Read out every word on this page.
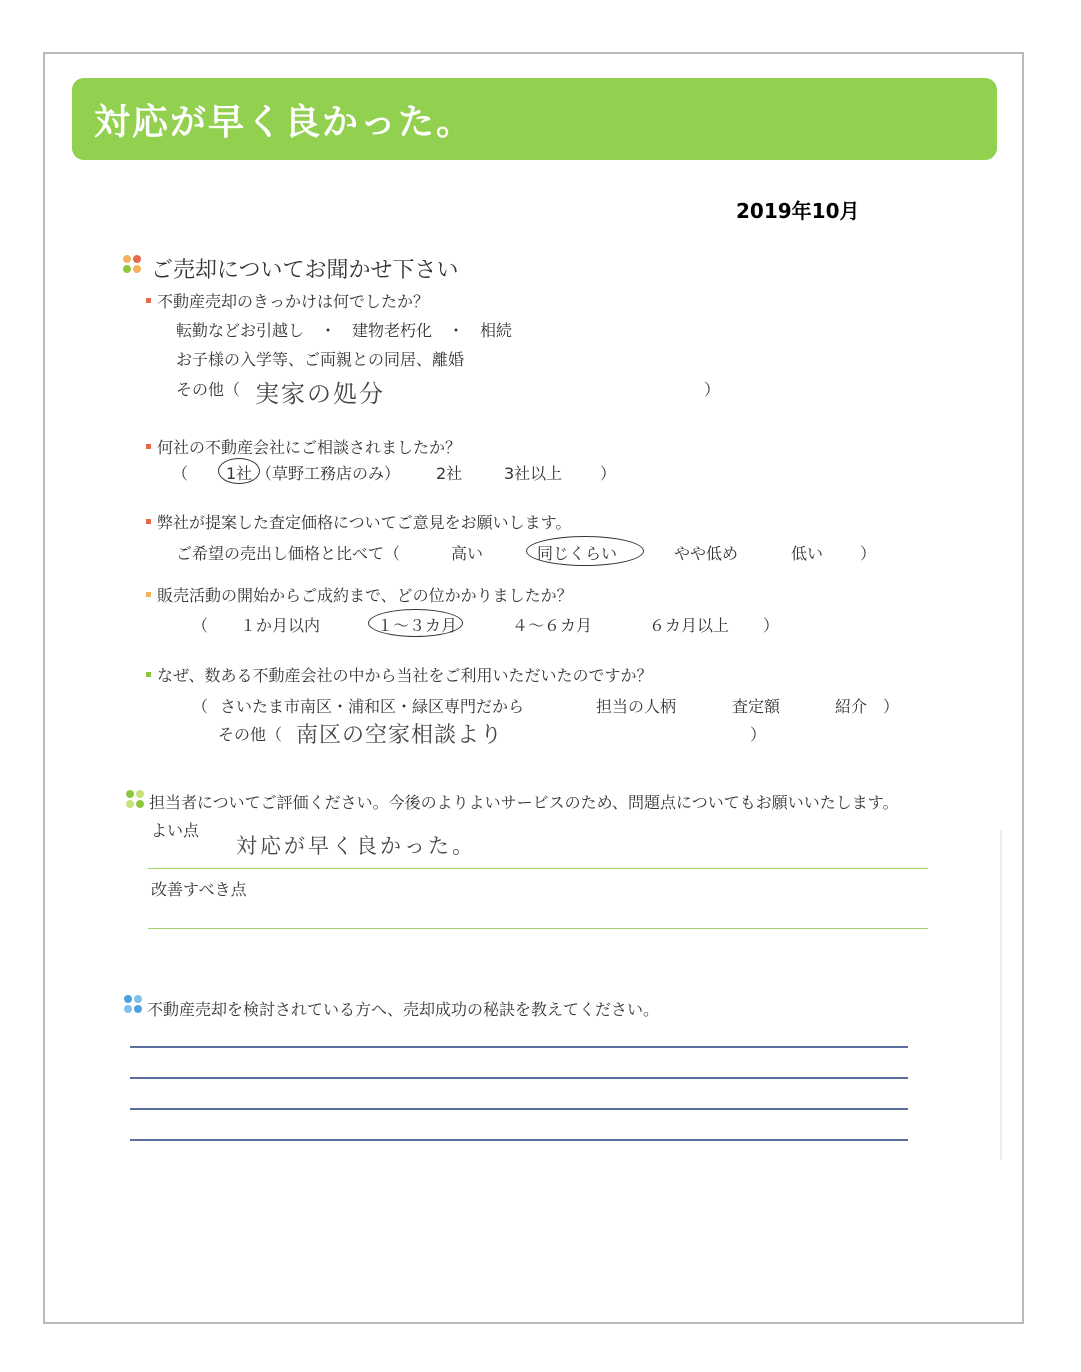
対応が早く良かった。
2019年10月
ご売却についてお聞かせ下さい
不動産売却のきっかけは何でしたか？
転勤などお引越し　・　建物老朽化　・　相続
お子様の入学等、ご両親との同居、離婚
その他（ 実家の処分	）
何社の不動産会社にご相談されましたか？
（ 1社 （草野工務店のみ） 2社	3社以上 ）
弊社が提案した査定価格についてご意見をお願いします。
ご希望の売出し価格と比べて（	高い	同じくらい	やや低め	低い ）
販売活動の開始からご成約まで、どの位かかりましたか？
（ １か月以内	１～３カ月	４～６カ月	６カ月以上 ）
なぜ、数ある不動産会社の中から当社をご利用いただいたのですか？
（ さいたま市南区・浦和区・緑区専門だから	担当の人柄	査定額	紹介 ）
その他（ 南区の空家相談より	）
担当者についてご評価ください。今後のよりよいサービスのため、問題点についてもお願いいたします。
よい点
対応が早く良かった。
改善すべき点
不動産売却を検討されている方へ、売却成功の秘訣を教えてください。
